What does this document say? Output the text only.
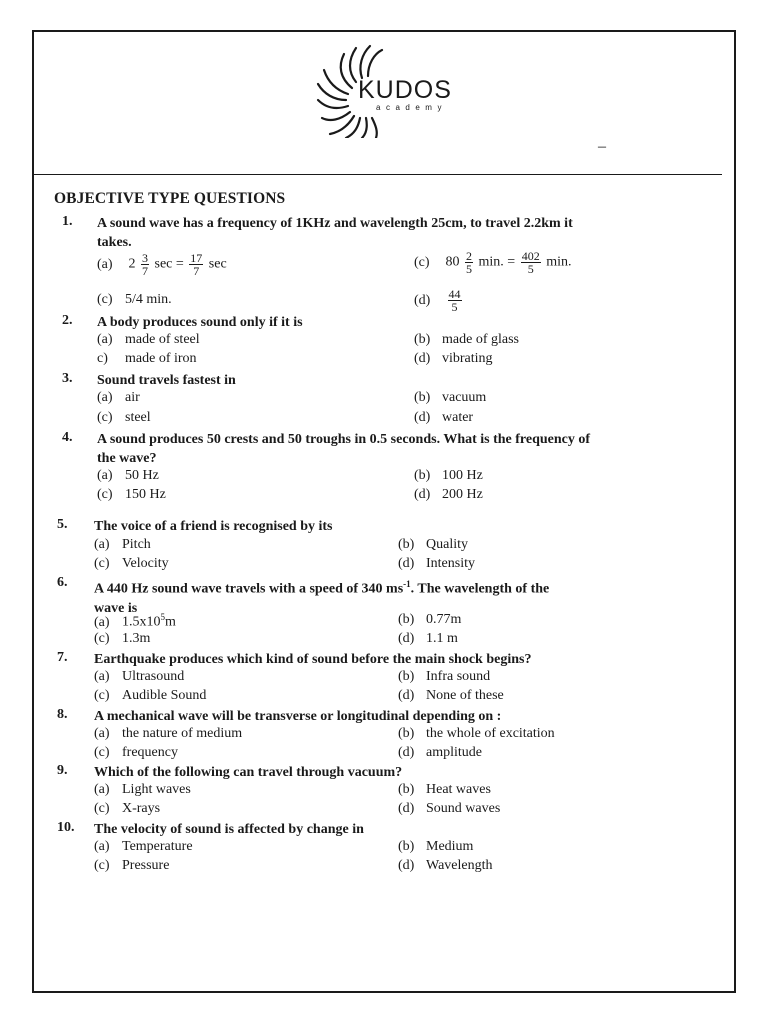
KUDOS
academy
–
OBJECTIVE TYPE QUESTIONS
1. A sound wave has a frequency of 1KHz and wavelength 25cm, to travel 2.2km it takes.
(a) $2 \frac{3}{7}$ $\sec = \frac{17}{7}$ sec	(c) $80 \frac{2}{5} \min$. = $\frac{402}{5} \min$.
(c) 5/4 min.	$(d) \frac{44}{5}$
2. A body produces sound only if it is
(a) made of steel	(b) made of glass
c) made of iron	(d) vibrating
3. Sound travels fastest in
(a) air	(b) vacuum
(c) steel	(d) water
4. A sound produces 50 crests and 50 troughs in 0.5 seconds. What is the frequency of the wave?
(a) 50 Hz	(b) 100 Hz
(c) 150 Hz	(d) 200 Hz
5. The voice of a friend is recognised by its
(a) Pitch	(b) Quality
(c) Velocity	(d) Intensity
6. A 440 Hz sound wave travels with a speed of 340 $ms^{-1}$. The wavelength of the wave is
(a) $1.5x10^5m$	(b) 0.77m
(c) 1.3m	(d) 1.1 m
7. Earthquake produces which kind of sound before the main shock begins?
(a) Ultrasound	(b) Infra sound
(c) Audible Sound	(d) None of these
8. A mechanical wave will be transverse or longitudinal depending on :
(a) the nature of medium	(b) the whole of excitation
(c) frequency	(d) amplitude
9. Which of the following can travel through vacuum?
(a) Light waves	(b) Heat waves
(c) X-rays	(d) Sound waves
10. The velocity of sound is affected by change in
(a) Temperature	(b) Medium
(c) Pressure	(d) Wavelength
